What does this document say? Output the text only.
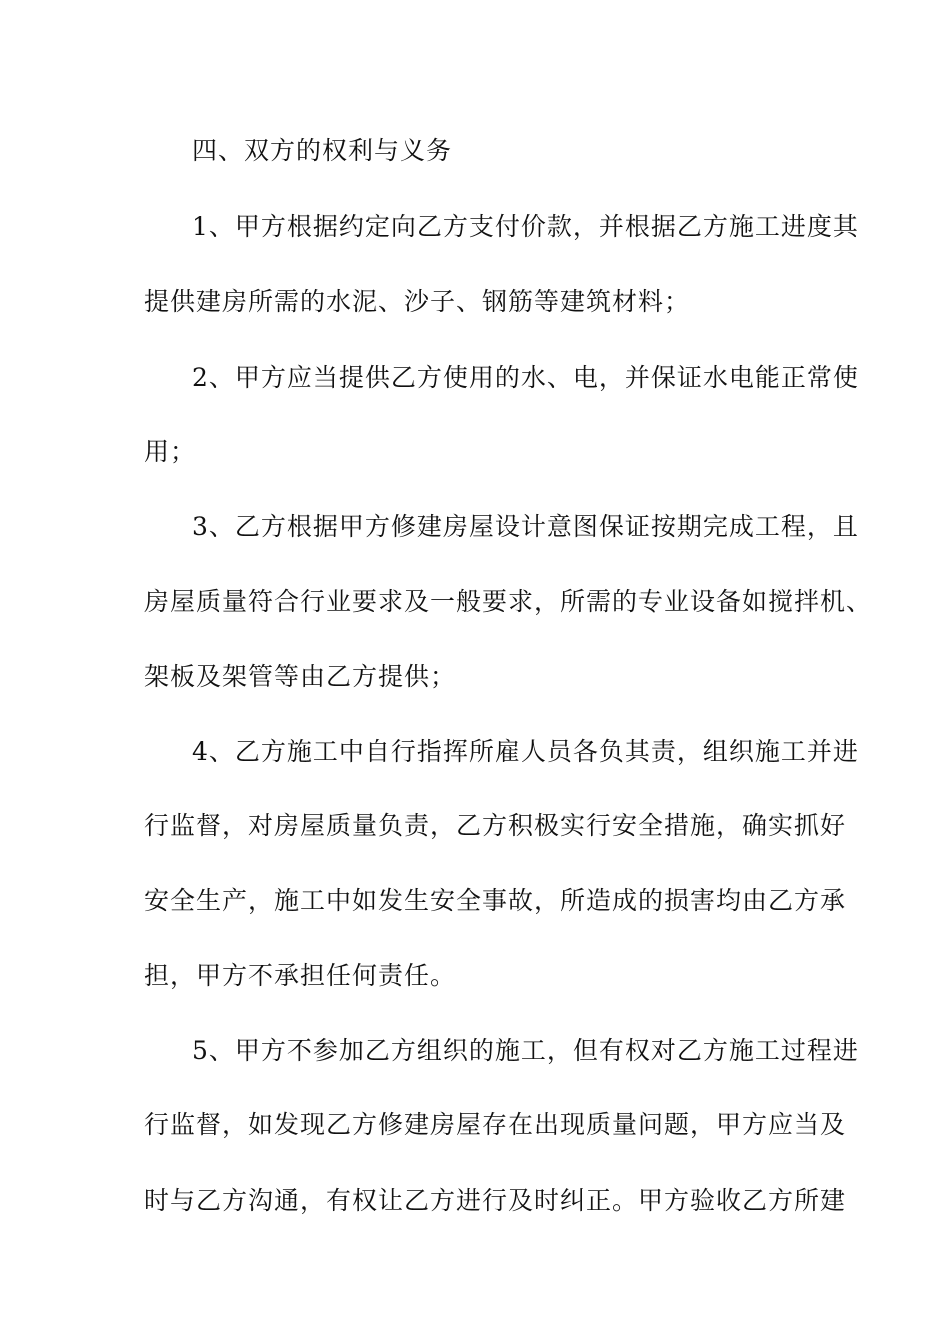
四、双方的权利与义务
1、甲方根据约定向乙方支付价款，并根据乙方施工进度其
提供建房所需的水泥、沙子、钢筋等建筑材料；
2、甲方应当提供乙方使用的水、电，并保证水电能正常使
用；
3、乙方根据甲方修建房屋设计意图保证按期完成工程，且
房屋质量符合行业要求及一般要求，所需的专业设备如搅拌机、
架板及架管等由乙方提供；
4、乙方施工中自行指挥所雇人员各负其责，组织施工并进
行监督，对房屋质量负责，乙方积极实行安全措施，确实抓好
安全生产，施工中如发生安全事故，所造成的损害均由乙方承
担，甲方不承担任何责任。
5、甲方不参加乙方组织的施工，但有权对乙方施工过程进
行监督，如发现乙方修建房屋存在出现质量问题，甲方应当及
时与乙方沟通，有权让乙方进行及时纠正。甲方验收乙方所建
